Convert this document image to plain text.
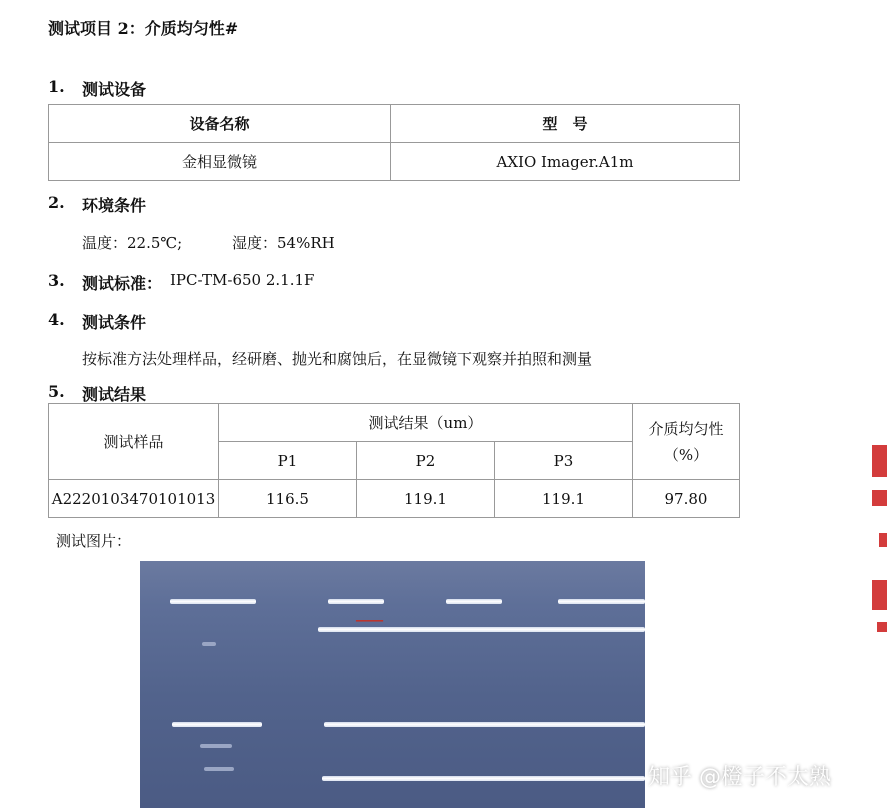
测试项目 2：介质均匀性#
1. 测试设备
设备名称	型　号
金相显微镜	AXIO Imager.A1m
2. 环境条件
温度：22.5℃;	湿度：54%RH
3. 测试标准： IPC-TM-650 2.1.1F
4. 测试条件
按标准方法处理样品，经研磨、抛光和腐蚀后，在显微镜下观察并拍照和测量
5. 测试结果
测试样品	测试结果（um）			介质均匀性
（%）
	P1	P2	P3	
A2220103470101013	116.5	119.1	119.1	97.80
测试图片：
━━━━━
知乎 @橙子不太熟
